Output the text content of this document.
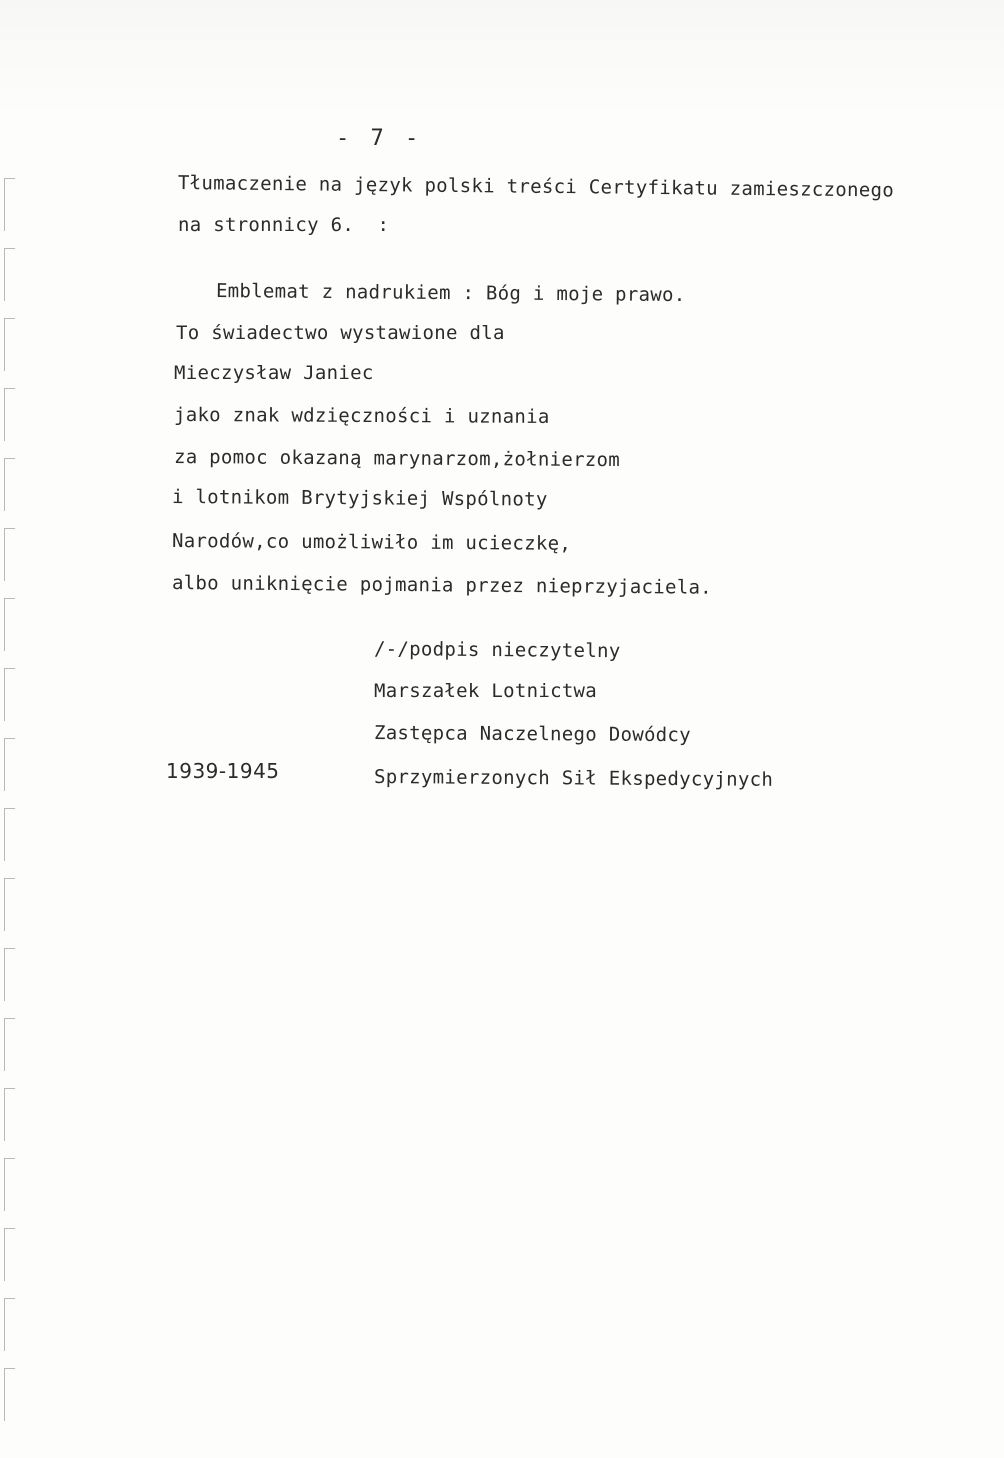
- 7 -
Tłumaczenie na język polski treści Certyfikatu zamieszczonego
na stronnicy 6.  :
Emblemat z nadrukiem : Bóg i moje prawo.
To świadectwo wystawione dla
Mieczysław Janiec
jako znak wdzięczności i uznania
za pomoc okazaną marynarzom,żołnierzom
i lotnikom Brytyjskiej Wspólnoty
Narodów,co umożliwiło im ucieczkę,
albo uniknięcie pojmania przez nieprzyjaciela.
/-/podpis nieczytelny
Marszałek Lotnictwa
Zastępca Naczelnego Dowódcy
Sprzymierzonych Sił Ekspedycyjnych
1939-1945
